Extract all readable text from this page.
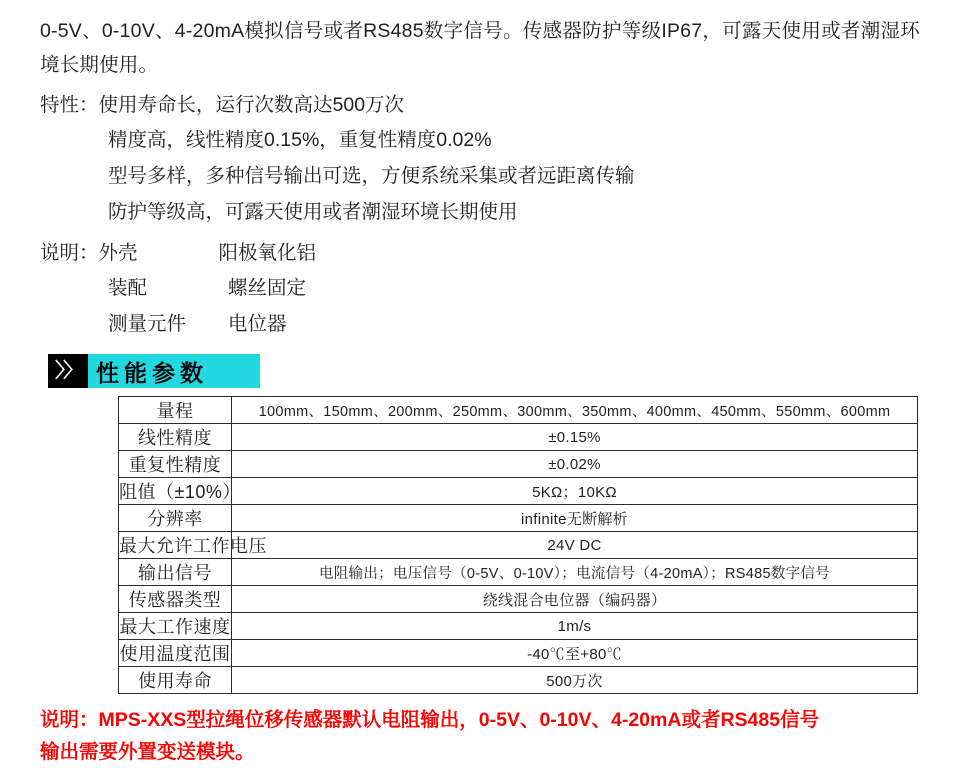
0-5V、0-10V、4-20mA模拟信号或者RS485数字信号。传感器防护等级IP67，可露天使用或者潮湿环境长期使用。

特性：使用寿命长，运行次数高达500万次

精度高，线性精度0.15%，重复性精度0.02%

型号多样，多种信号输出可选，方便系统采集或者远距离传输

防护等级高，可露天使用或者潮湿环境长期使用

说明：外壳	阳极氧化铝

装配	螺丝固定

测量元件	电位器

〉〉 性能参数
量程	100mm、150mm、200mm、250mm、300mm、350mm、400mm、450mm、550mm、600mm
线性精度	±0.15%
重复性精度	±0.02%
阻值（±10%）	5KΩ；10KΩ
分辨率	infinite无断解析
最大允许工作电压	24V DC
输出信号	电阻输出；电压信号（0-5V、0-10V）；电流信号（4-20mA）；RS485数字信号
传感器类型	绕线混合电位器（编码器）
最大工作速度	1m/s
使用温度范围	-40℃至+80℃
使用寿命	500万次
说明：MPS-XXS型拉绳位移传感器默认电阻输出，0-5V、0-10V、4-20mA或者RS485信号
输出需要外置变送模块。
